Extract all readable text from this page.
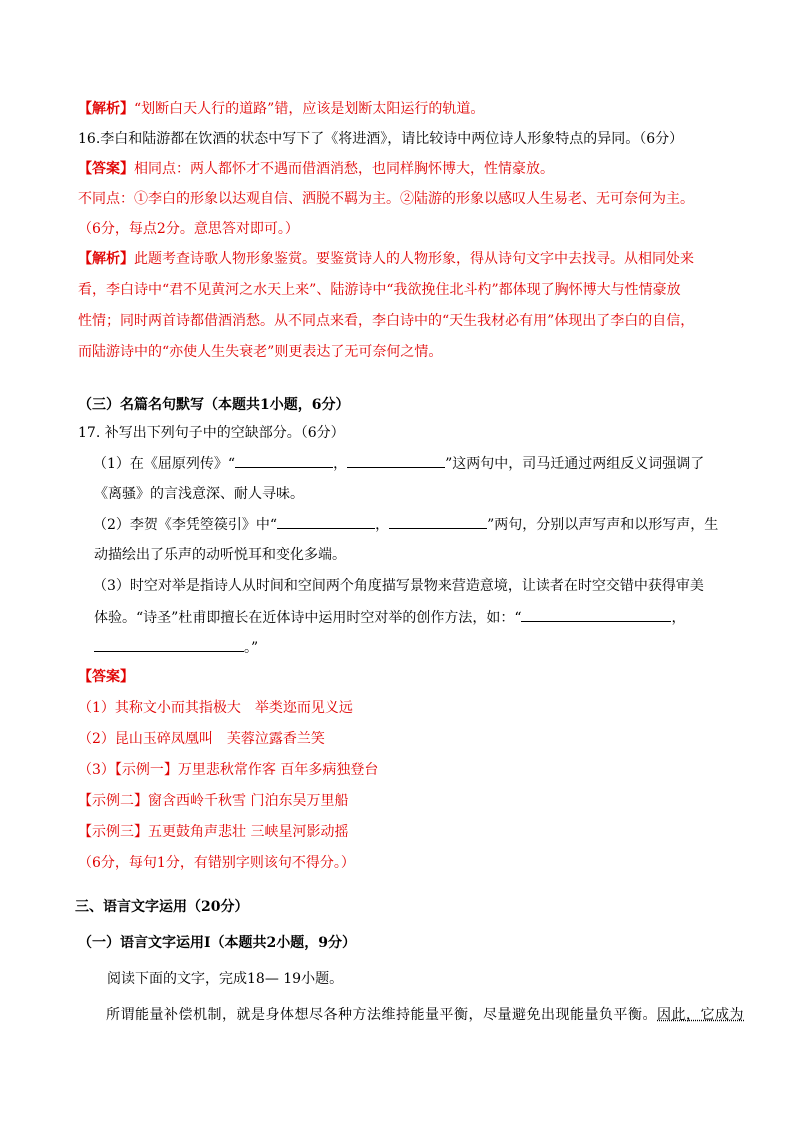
【解析】“划断白天人行的道路”错，应该是划断太阳运行的轨道。
16.李白和陆游都在饮酒的状态中写下了《将进酒》，请比较诗中两位诗人形象特点的异同。（6分）
【答案】相同点：两人都怀才不遇而借酒消愁，也同样胸怀博大，性情豪放。
不同点：①李白的形象以达观自信、洒脱不羁为主。②陆游的形象以感叹人生易老、无可奈何为主。
（6分，每点2分。意思答对即可。）
【解析】此题考查诗歌人物形象鉴赏。要鉴赏诗人的人物形象，得从诗句文字中去找寻。从相同处来
看，李白诗中“君不见黄河之水天上来”、陆游诗中“我欲挽住北斗杓”都体现了胸怀博大与性情豪放
性情；同时两首诗都借酒消愁。从不同点来看，李白诗中的“天生我材必有用”体现出了李白的自信，
而陆游诗中的“亦使人生失衰老”则更表达了无可奈何之情。
（三）名篇名句默写（本题共1小题，6分）
17. 补写出下列句子中的空缺部分。（6分）
（1）在《屈原列传》“	，	”这两句中，司马迁通过两组反义词强调了
《离骚》的言浅意深、耐人寻味。
（2）李贺《李凭箜篌引》中“	，	”两句，分别以声写声和以形写声，生
动描绘出了乐声的动听悦耳和变化多端。
（3）时空对举是指诗人从时间和空间两个角度描写景物来营造意境，让读者在时空交错中获得审美
体验。“诗圣”杜甫即擅长在近体诗中运用时空对举的创作方法，如：“	，
。”
【答案】
（1）其称文小而其指极大　举类迩而见义远
（2）昆山玉碎凤凰叫　芙蓉泣露香兰笑
（3）【示例一】万里悲秋常作客 百年多病独登台
【示例二】窗含西岭千秋雪 门泊东吴万里船
【示例三】五更鼓角声悲壮 三峡星河影动摇
（6分，每句1分，有错别字则该句不得分。）
三、语言文字运用（20分）
（一）语言文字运用Ⅰ（本题共2小题，9分）
阅读下面的文字，完成18— 19小题。
所谓能量补偿机制，就是身体想尽各种方法维持能量平衡，尽量避免出现能量负平衡。因此，它成为
